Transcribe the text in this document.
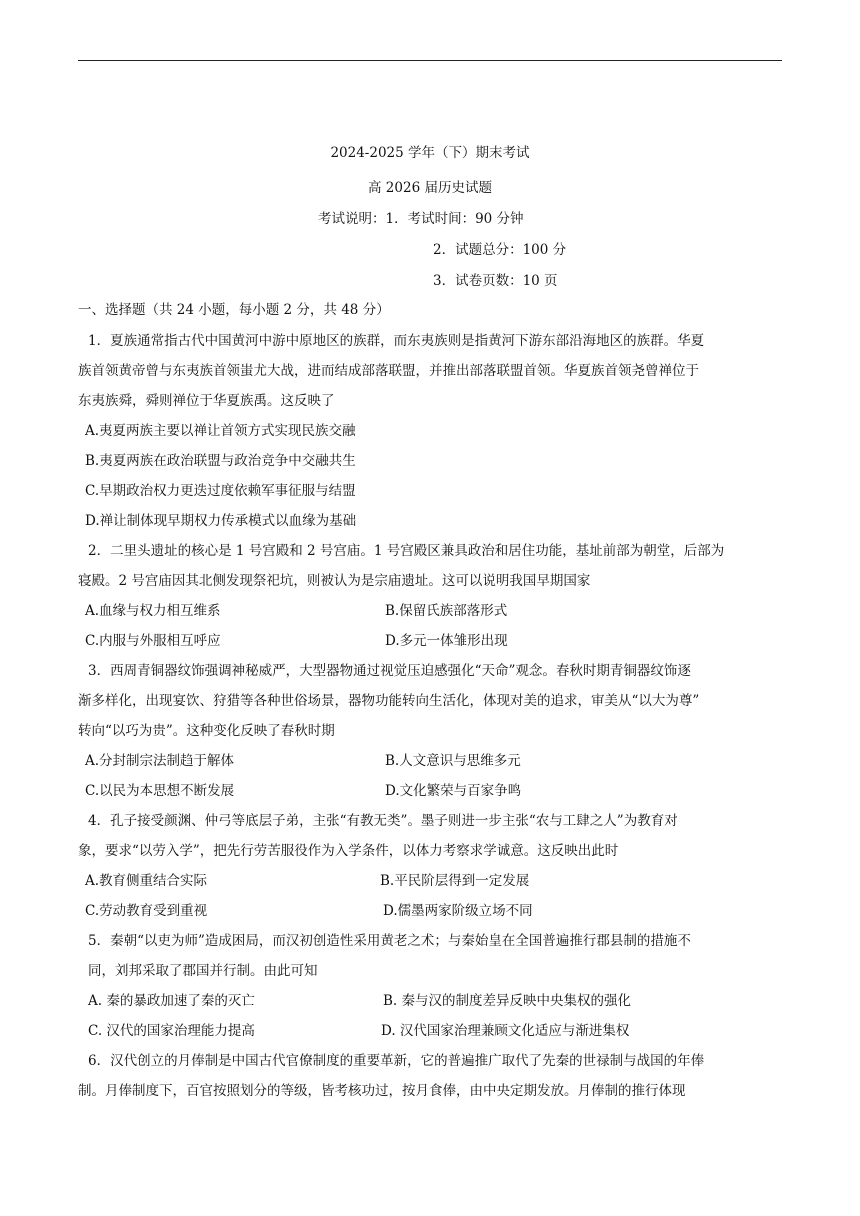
2024-2025 学年（下）期末考试
高 2026 届历史试题
考试说明：1．考试时间：90 分钟
2．试题总分：100 分
3．试卷页数：10 页
一、选择题（共 24 小题，每小题 2 分，共 48 分）
1．夏族通常指古代中国黄河中游中原地区的族群，而东夷族则是指黄河下游东部沿海地区的族群。华夏
族首领黄帝曾与东夷族首领蚩尤大战，进而结成部落联盟，并推出部落联盟首领。华夏族首领尧曾禅位于
东夷族舜，舜则禅位于华夏族禹。这反映了
A.夷夏两族主要以禅让首领方式实现民族交融
B.夷夏两族在政治联盟与政治竞争中交融共生
C.早期政治权力更迭过度依赖军事征服与结盟
D.禅让制体现早期权力传承模式以血缘为基础
2．二里头遗址的核心是 1 号宫殿和 2 号宫庙。1 号宫殿区兼具政治和居住功能，基址前部为朝堂，后部为
寝殿。2 号宫庙因其北侧发现祭祀坑，则被认为是宗庙遗址。这可以说明我国早期国家
A.血缘与权力相互维系	B.保留氏族部落形式
C.内服与外服相互呼应	D.多元一体雏形出现
3．西周青铜器纹饰强调神秘威严，大型器物通过视觉压迫感强化“天命”观念。春秋时期青铜器纹饰逐
渐多样化，出现宴饮、狩猎等各种世俗场景，器物功能转向生活化，体现对美的追求，审美从“以大为尊”
转向“以巧为贵”。这种变化反映了春秋时期
A.分封制宗法制趋于解体	B.人文意识与思维多元
C.以民为本思想不断发展	D.文化繁荣与百家争鸣
4．孔子接受颜渊、仲弓等底层子弟，主张“有教无类”。墨子则进一步主张“农与工肆之人”为教育对
象，要求“以劳入学”，把先行劳苦服役作为入学条件，以体力考察求学诚意。这反映出此时
A.教育侧重结合实际	B.平民阶层得到一定发展
C.劳动教育受到重视	D.儒墨两家阶级立场不同
5．秦朝“以吏为师”造成困局，而汉初创造性采用黄老之术；与秦始皇在全国普遍推行郡县制的措施不
同，刘邦采取了郡国并行制。由此可知
A. 秦的暴政加速了秦的灭亡	B. 秦与汉的制度差异反映中央集权的强化
C. 汉代的国家治理能力提高	D. 汉代国家治理兼顾文化适应与渐进集权
6．汉代创立的月俸制是中国古代官僚制度的重要革新，它的普遍推广取代了先秦的世禄制与战国的年俸
制。月俸制度下，百官按照划分的等级，皆考核功过，按月食俸，由中央定期发放。月俸制的推行体现
